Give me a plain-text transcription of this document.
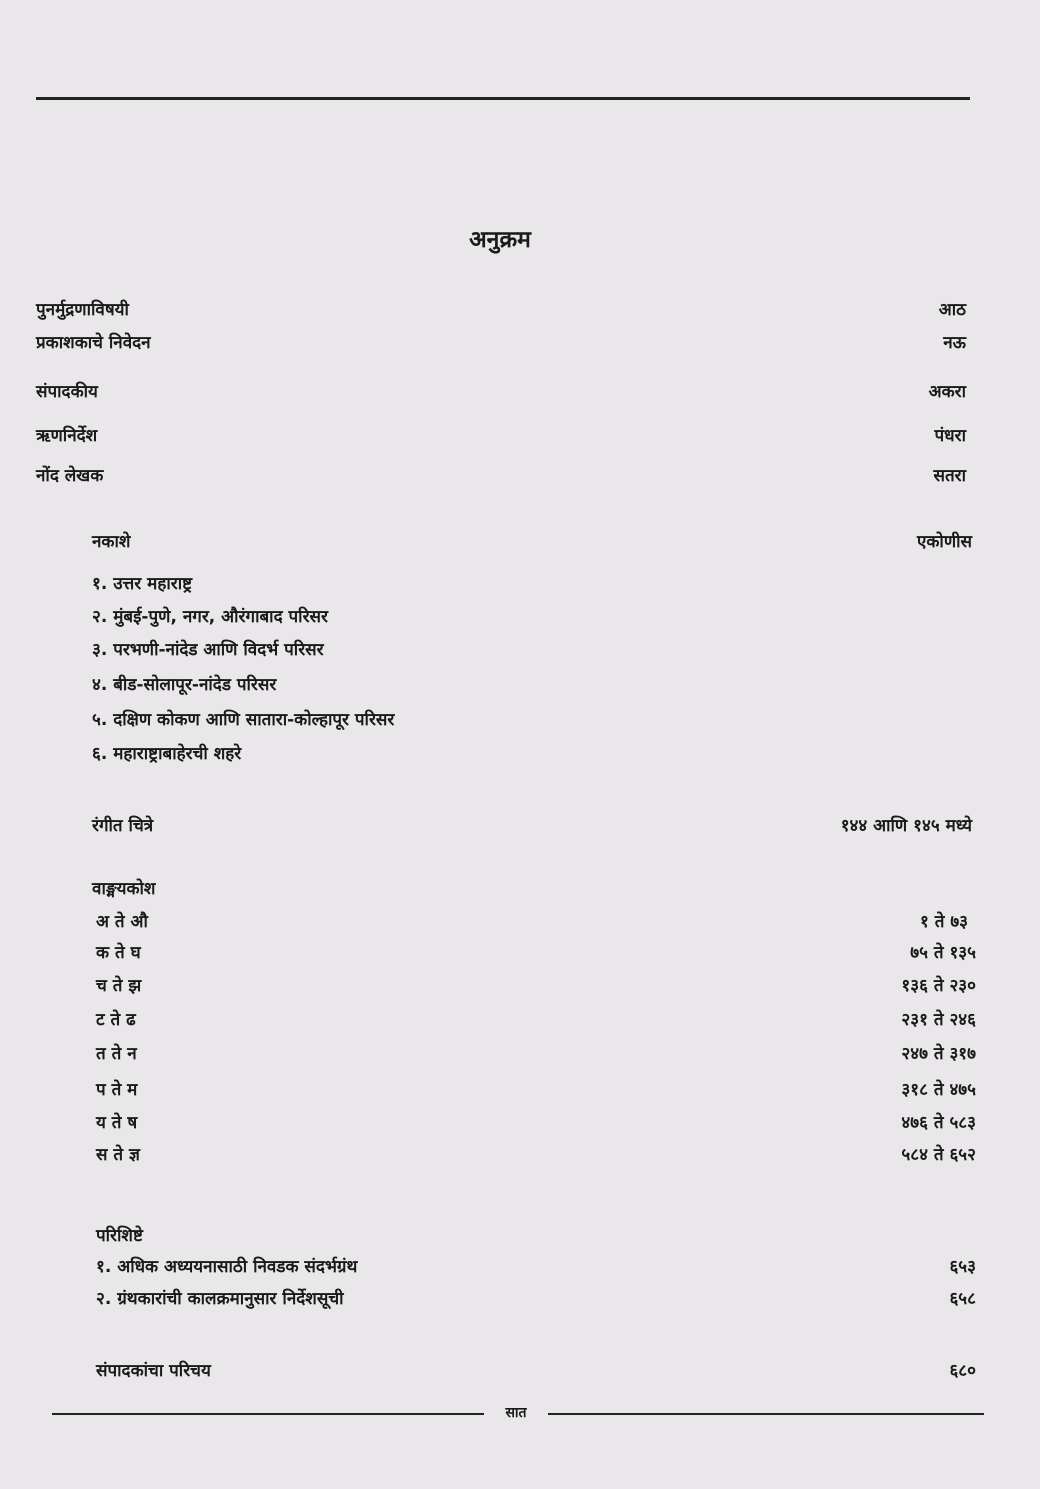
अनुक्रम
पुनर्मुद्रणाविषयी	आठ
प्रकाशकाचे निवेदन	नऊ
संपादकीय	अकरा
ऋणनिर्देश	पंधरा
नोंद लेखक	सतरा
नकाशे	एकोणीस
१. उत्तर महाराष्ट्र
२. मुंबई-पुणे, नगर, औरंगाबाद परिसर
३. परभणी-नांदेड आणि विदर्भ परिसर
४. बीड-सोलापूर-नांदेड परिसर
५. दक्षिण कोकण आणि सातारा-कोल्हापूर परिसर
६. महाराष्ट्राबाहेरची शहरे
रंगीत चित्रे	१४४ आणि १४५ मध्ये
वाङ्मयकोश
अ ते औ	१ ते ७३
क ते घ	७५ ते १३५
च ते झ	१३६ ते २३०
ट ते ढ	२३१ ते २४६
त ते न	२४७ ते ३१७
प ते म	३१८ ते ४७५
य ते ष	४७६ ते ५८३
स ते ज्ञ	५८४ ते ६५२
परिशिष्टे
१. अधिक अध्ययनासाठी निवडक संदर्भग्रंथ	६५३
२. ग्रंथकारांची कालक्रमानुसार निर्देशसूची	६५८
संपादकांचा परिचय	६८०
सात
